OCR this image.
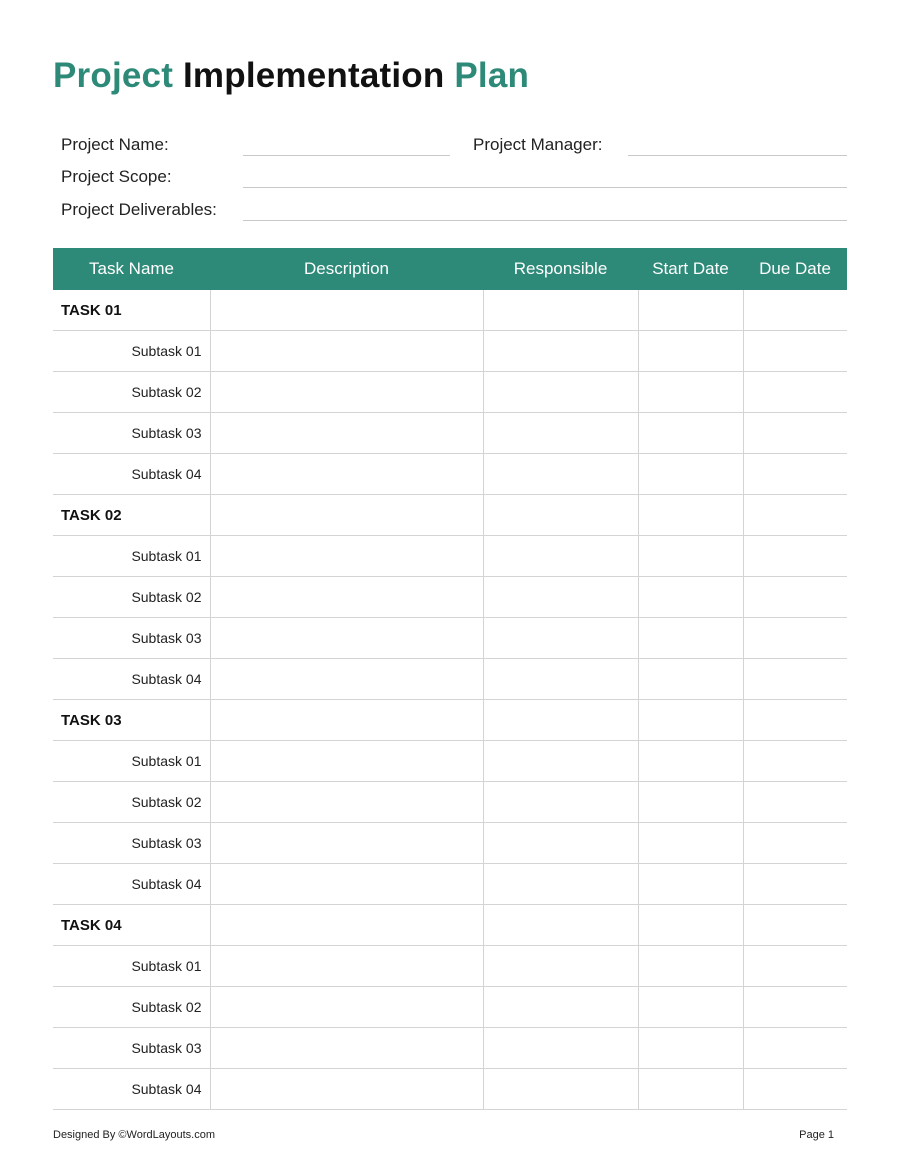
Project Implementation Plan
Project Name:	Project Manager:
Project Scope:
Project Deliverables:
Task Name	Description	Responsible	Start Date	Due Date
TASK 01				
Subtask 01				
Subtask 02				
Subtask 03				
Subtask 04				
TASK 02				
Subtask 01				
Subtask 02				
Subtask 03				
Subtask 04				
TASK 03				
Subtask 01				
Subtask 02				
Subtask 03				
Subtask 04				
TASK 04				
Subtask 01				
Subtask 02				
Subtask 03				
Subtask 04				
Designed By ©WordLayouts.com	Page 1
